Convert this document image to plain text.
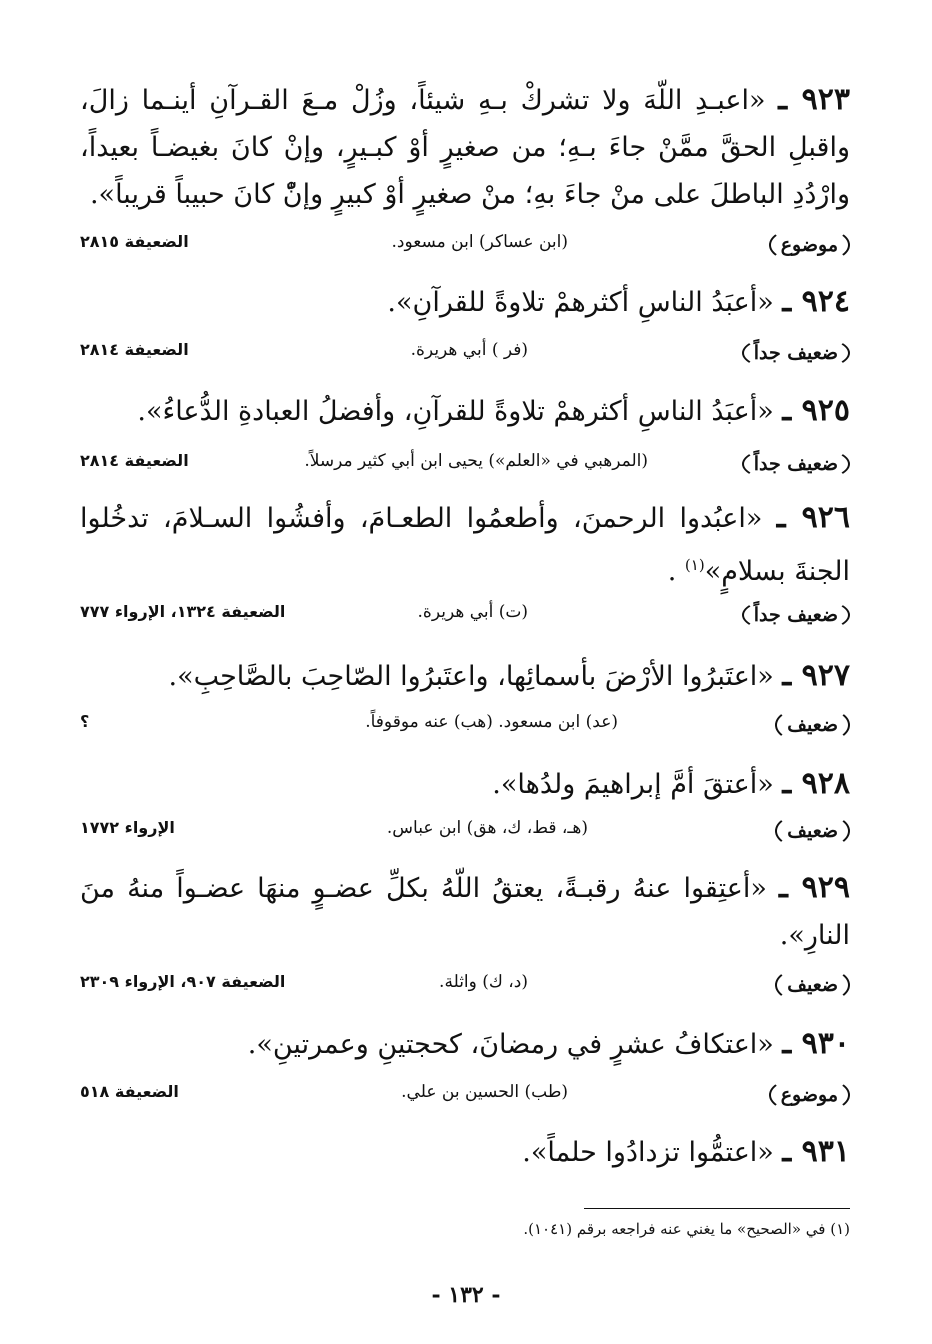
٩٢٣ ـ «اعبـدِ اللّهَ ولا تشركْ بـهِ شيئاً، وزُلْ مـعَ القـرآنِ أينـما زالَ، واقبلِ الحقَّ ممَّنْ جاءَ بـهِ؛ من صغيرٍ أوْ كبـيرٍ، وإنْ كانَ بغيضـاً بعيداً، وارْدُدِ الباطلَ على منْ جاءَ بهِ؛ منْ صغيرٍ أوْ كبيرٍ وإنّْ كانَ حبيباً قريباً».
موضوع
(ابن عساكر) ابن مسعود.
الضعيفة ٢٨١٥
٩٢٤ ـ «أعبَدُ الناسِ أكثرهمْ تلاوةً للقرآنِ».
ضعيف جداً
(فر ) أبي هريرة.
الضعيفة ٢٨١٤
٩٢٥ ـ «أعبَدُ الناسِ أكثرهمْ تلاوةً للقرآنِ، وأفضلُ العبادةِ الدُّعاءُ».
ضعيف جداً
(المرهبي في «العلم») يحيى ابن أبي كثير مرسلاً.
الضعيفة ٢٨١٤
٩٢٦ ـ «اعبُدوا الرحمنَ، وأطعمُوا الطعـامَ، وأفشُوا السـلامَ، تدخُلوا الجنةَ بسلامٍ»$^{(١)}$ .
ضعيف جداً
(ت) أبي هريرة.
الضعيفة ١٣٢٤، الإرواء ٧٧٧
٩٢٧ ـ «اعتَبرُوا الأرْضَ بأسمائِها، واعتَبرُوا الصّاحِبَ بالصَّاحِبِ».
ضعيف
(عد) ابن مسعود. (هب) عنه موقوفاً.
؟
٩٢٨ ـ «أعتقَ أمَّ إبراهيمَ ولدُها».
ضعيف
(هـ، قط، ك، هق) ابن عباس.
الإرواء ١٧٧٢
٩٢٩ ـ «أعتِقوا عنهُ رقبـةً، يعتقُ اللّهُ بكلِّ عضـوٍ منهَا عضـواً منهُ منَ النارِ».
ضعيف
(د، ك) واثلة.
الضعيفة ٩٠٧، الإرواء ٢٣٠٩
٩٣٠ ـ «اعتكافُ عشرٍ في رمضانَ، كحجتينِ وعمرتينِ».
موضوع
(طب) الحسين بن علي.
الضعيفة ٥١٨
٩٣١ ـ «اعتمُّوا تزدادُوا حلماً».
(١) في «الصحيح» ما يغني عنه فراجعه برقم (١٠٤١).
- ١٣٢ -
